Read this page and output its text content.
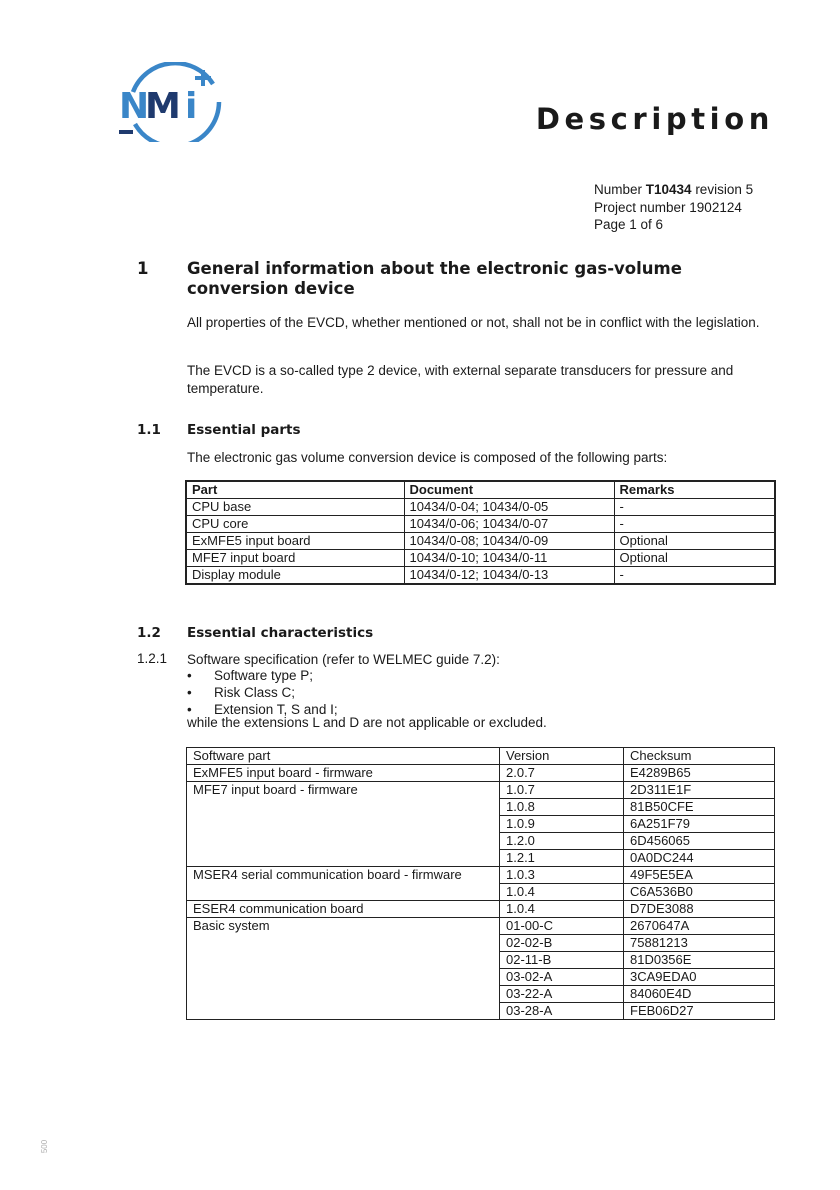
N
M i	Description
Number T10434 revision 5
Project number 1902124
Page 1 of 6
1 General information about the electronic gas-volume conversion device
All properties of the EVCD, whether mentioned or not, shall not be in conflict with the legislation.
The EVCD is a so-called type 2 device, with external separate transducers for pressure and temperature.
1.1 Essential parts
The electronic gas volume conversion device is composed of the following parts:
Part	Document	Remarks
CPU base	10434/0-04; 10434/0-05	-
CPU core	10434/0-06; 10434/0-07	-
ExMFE5 input board	10434/0-08; 10434/0-09	Optional
MFE7 input board	10434/0-10; 10434/0-11	Optional
Display module	10434/0-12; 10434/0-13	-
1.2 Essential characteristics
1.2.1 Software specification (refer to WELMEC guide 7.2):
• Software type P;
• Risk Class C;
• Extension T, S and I;
while the extensions L and D are not applicable or excluded.
Software part	Version	Checksum
ExMFE5 input board - firmware	2.0.7	E4289B65
MFE7 input board - firmware	1.0.7	2D311E1F
	1.0.8	81B50CFE
	1.0.9	6A251F79
	1.2.0	6D456065
	1.2.1	0A0DC244
MSER4 serial communication board - firmware	1.0.3	49F5E5EA
	1.0.4	C6A536B0
ESER4 communication board	1.0.4	D7DE3088
Basic system	01-00-C	2670647A
	02-02-B	75881213
	02-11-B	81D0356E
	03-02-A	3CA9EDA0
	03-22-A	84060E4D
	03-28-A	FEB06D27
500
